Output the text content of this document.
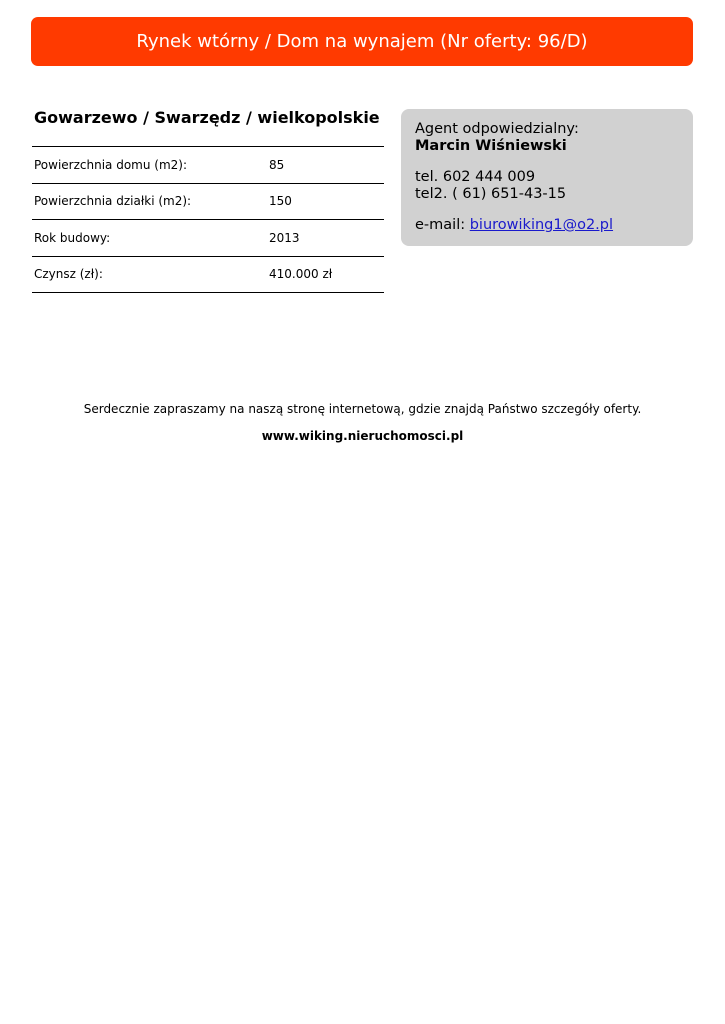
Rynek wtórny / Dom na wynajem (Nr oferty: 96/D)
Gowarzewo / Swarzędz / wielkopolskie
Powierzchnia domu (m2):	85
Powierzchnia działki (m2):	150
Rok budowy:	2013
Czynsz (zł):	410.000 zł
Agent odpowiedzialny:
Marcin Wiśniewski
tel. 602 444 009
tel2. ( 61) 651-43-15
e-mail: biurowiking1@o2.pl
Serdecznie zapraszamy na naszą stronę internetową, gdzie znajdą Państwo szczegóły oferty.
www.wiking.nieruchomosci.pl
